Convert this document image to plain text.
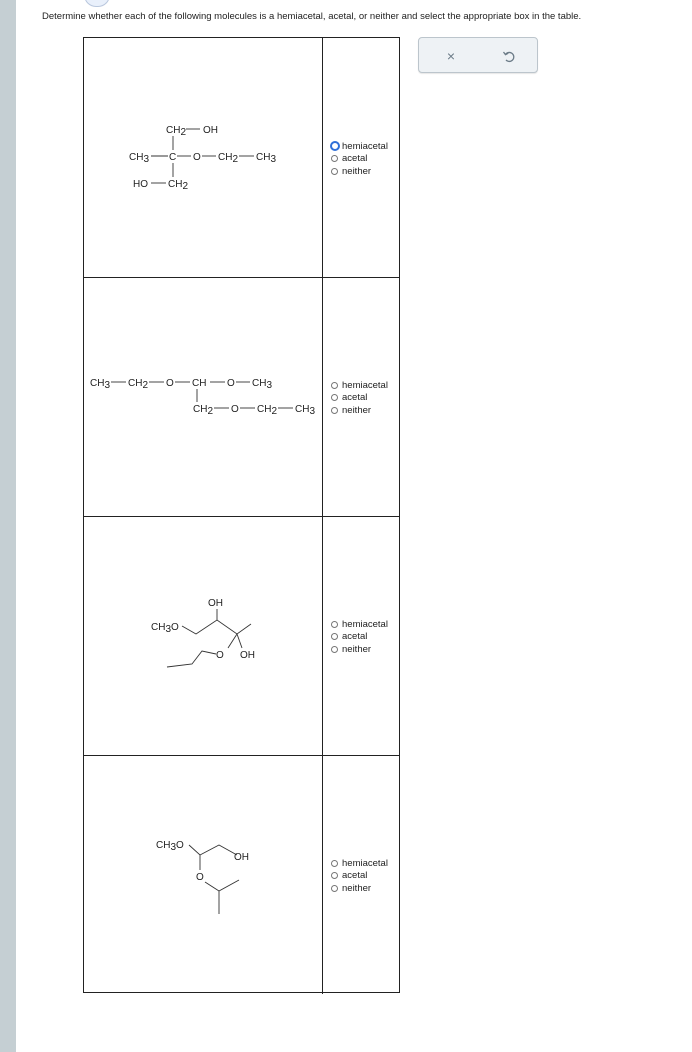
Determine whether each of the following molecules is a hemiacetal, acetal, or neither and select the appropriate box in the table.
CH2 OH
CH3 C O CH2 CH3
HO CH2
hemiacetal
acetal
neither
CH3 CH2 O CH O CH3
CH2 O CH2 CH3
hemiacetal
acetal
neither
OH
CH3O
O OH
hemiacetal
acetal
neither
CH3O
OH
O
hemiacetal
acetal
neither
×
